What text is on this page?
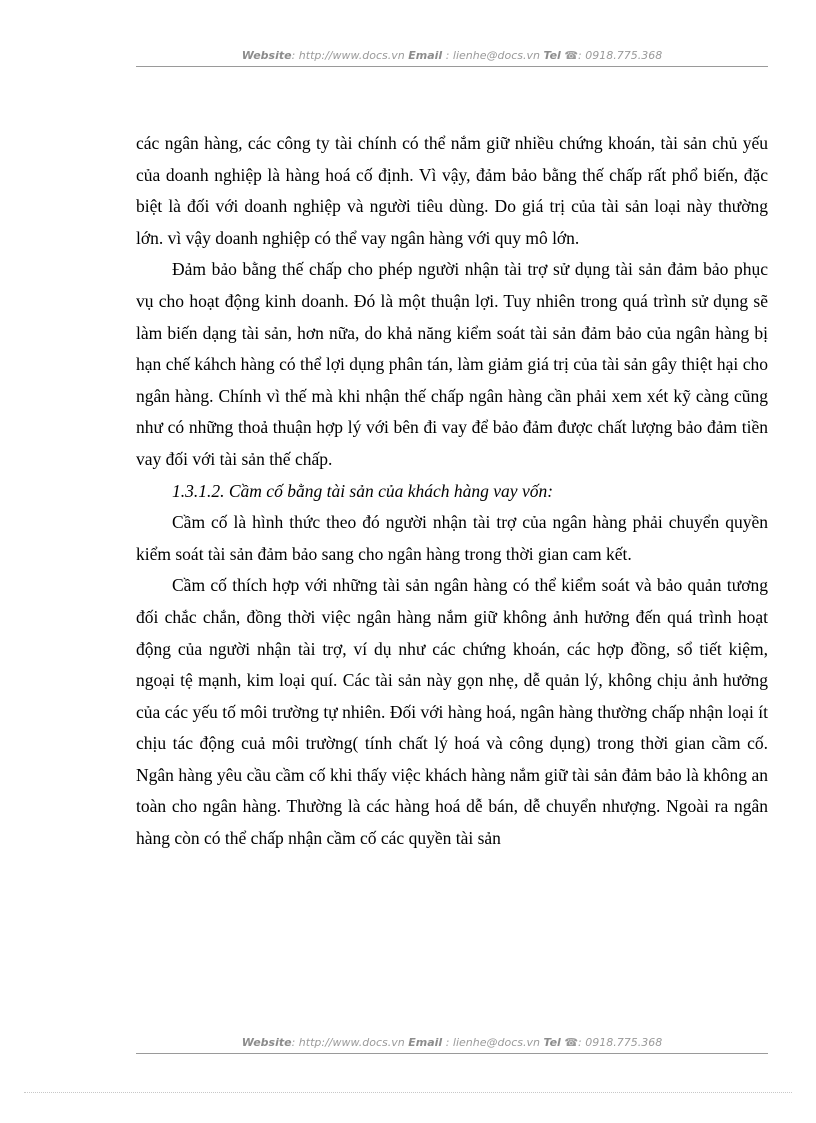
Website: http://www.docs.vn Email : lienhe@docs.vn Tel ☎: 0918.775.368

các ngân hàng, các công ty tài chính có thể nắm giữ nhiều chứng khoán, tài sản chủ yếu của doanh nghiệp là hàng hoá cố định. Vì vậy, đảm bảo bằng thế chấp rất phổ biến, đặc biệt là đối với doanh nghiệp và người tiêu dùng. Do giá trị của tài sản loại này thường lớn. vì vậy doanh nghiệp có thể vay ngân hàng với quy mô lớn.

Đảm bảo bằng thế chấp cho phép người nhận tài trợ sử dụng tài sản đảm bảo phục vụ cho hoạt động kinh doanh. Đó là một thuận lợi. Tuy nhiên trong quá trình sử dụng sẽ làm biến dạng tài sản, hơn nữa, do khả năng kiểm soát tài sản đảm bảo của ngân hàng bị hạn chế káhch hàng có thể lợi dụng phân tán, làm giảm giá trị của tài sản gây thiệt hại cho ngân hàng. Chính vì thế mà khi nhận thế chấp ngân hàng cần phải xem xét kỹ càng cũng như có những thoả thuận hợp lý với bên đi vay để bảo đảm được chất lượng bảo đảm tiền vay đối với tài sản thế chấp.

1.3.1.2. Cầm cố bằng tài sản của khách hàng vay vốn:

Cầm cố là hình thức theo đó người nhận tài trợ của ngân hàng phải chuyển quyền kiểm soát tài sản đảm bảo sang cho ngân hàng trong thời gian cam kết.

Cầm cố thích hợp với những tài sản ngân hàng có thể kiểm soát và bảo quản tương đối chắc chắn, đồng thời việc ngân hàng nắm giữ không ảnh hưởng đến quá trình hoạt động của người nhận tài trợ, ví dụ như các chứng khoán, các hợp đồng, sổ tiết kiệm, ngoại tệ mạnh, kim loại quí. Các tài sản này gọn nhẹ, dễ quản lý, không chịu ảnh hưởng của các yếu tố môi trường tự nhiên. Đối với hàng hoá, ngân hàng thường chấp nhận loại ít chịu tác động cuả môi trường( tính chất lý hoá và công dụng) trong thời gian cầm cố. Ngân hàng yêu cầu cầm cố khi thấy việc khách hàng nắm giữ tài sản đảm bảo là không an toàn cho ngân hàng. Thường là các hàng hoá dễ bán, dễ chuyển nhượng. Ngoài ra ngân hàng còn có thể chấp nhận cầm cố các quyền tài sản

Website: http://www.docs.vn Email : lienhe@docs.vn Tel ☎: 0918.775.368
